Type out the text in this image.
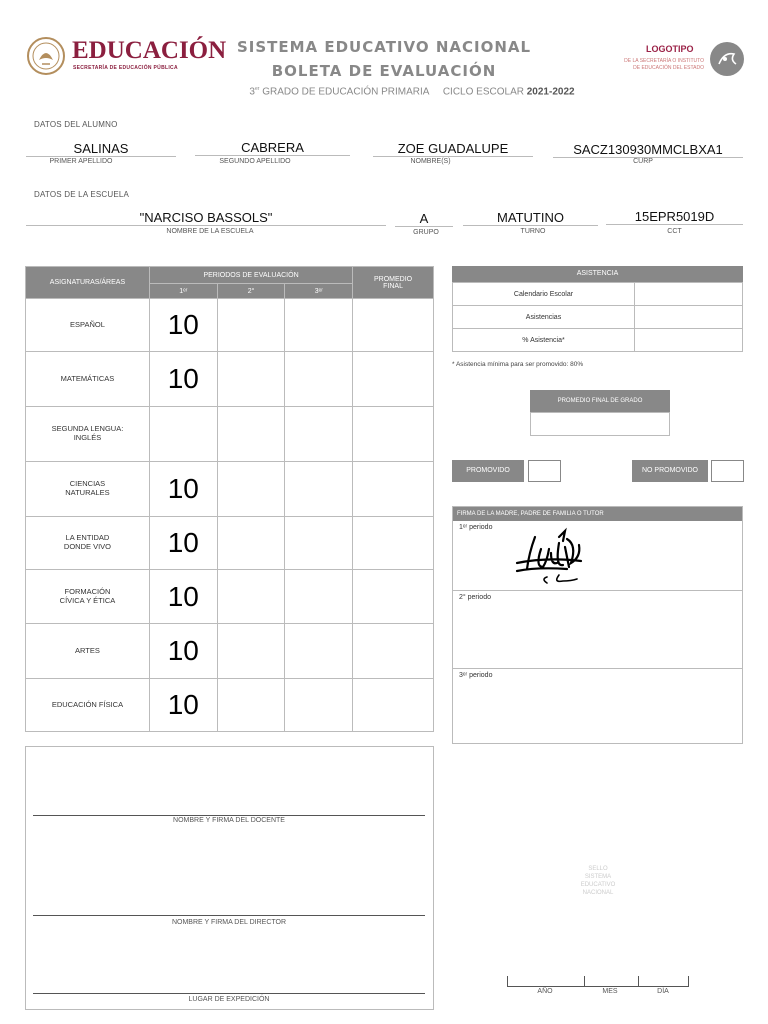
EDUCACIÓN
SECRETARÍA DE EDUCACIÓN PÚBLICA
SISTEMA EDUCATIVO NACIONAL
BOLETA DE EVALUACIÓN
3er GRADO DE EDUCACIÓN PRIMARIA CICLO ESCOLAR 2021-2022
LOGOTIPO
DE LA SECRETARÍA O INSTITUTO
DE EDUCACIÓN DEL ESTADO
DATOS DEL ALUMNO
SALINAS
PRIMER APELLIDO
CABRERA
SEGUNDO APELLIDO
ZOE GUADALUPE
NOMBRE(S)
SACZ130930MMCLBXA1
CURP
DATOS DE LA ESCUELA
"NARCISO BASSOLS"
NOMBRE DE LA ESCUELA
A
GRUPO
MATUTINO
TURNO
15EPR5019D
CCT
ASIGNATURAS/ÁREAS	PERIODOS DE EVALUACIÓN			PROMEDIO
FINAL

	1ᵉʳ	2°	3ᵉʳ	
ESPAÑOL	10			
MATEMÁTICAS	10			
SEGUNDA LENGUA: INGLÉS				
CIENCIAS NATURALES	10			
LA ENTIDAD DONDE VIVO	10			
FORMACIÓN CÍVICA Y ÉTICA	10			
ARTES	10			
EDUCACIÓN FÍSICA	10			
ASISTENCIA
Calendario Escolar	
Asistencias	
% Asistencia*	
* Asistencia mínima para ser promovido: 80%
PROMEDIO FINAL DE GRADO
PROMOVIDO	NO PROMOVIDO
FIRMA DE LA MADRE, PADRE DE FAMILIA O TUTOR
1ᵉʳ periodo
2° periodo
3ᵉʳ periodo
NOMBRE Y FIRMA DEL DOCENTE
NOMBRE Y FIRMA DEL DIRECTOR
LUGAR DE EXPEDICIÓN
SELLO
SISTEMA
EDUCATIVO
NACIONAL
AÑO	MES	DÍA
